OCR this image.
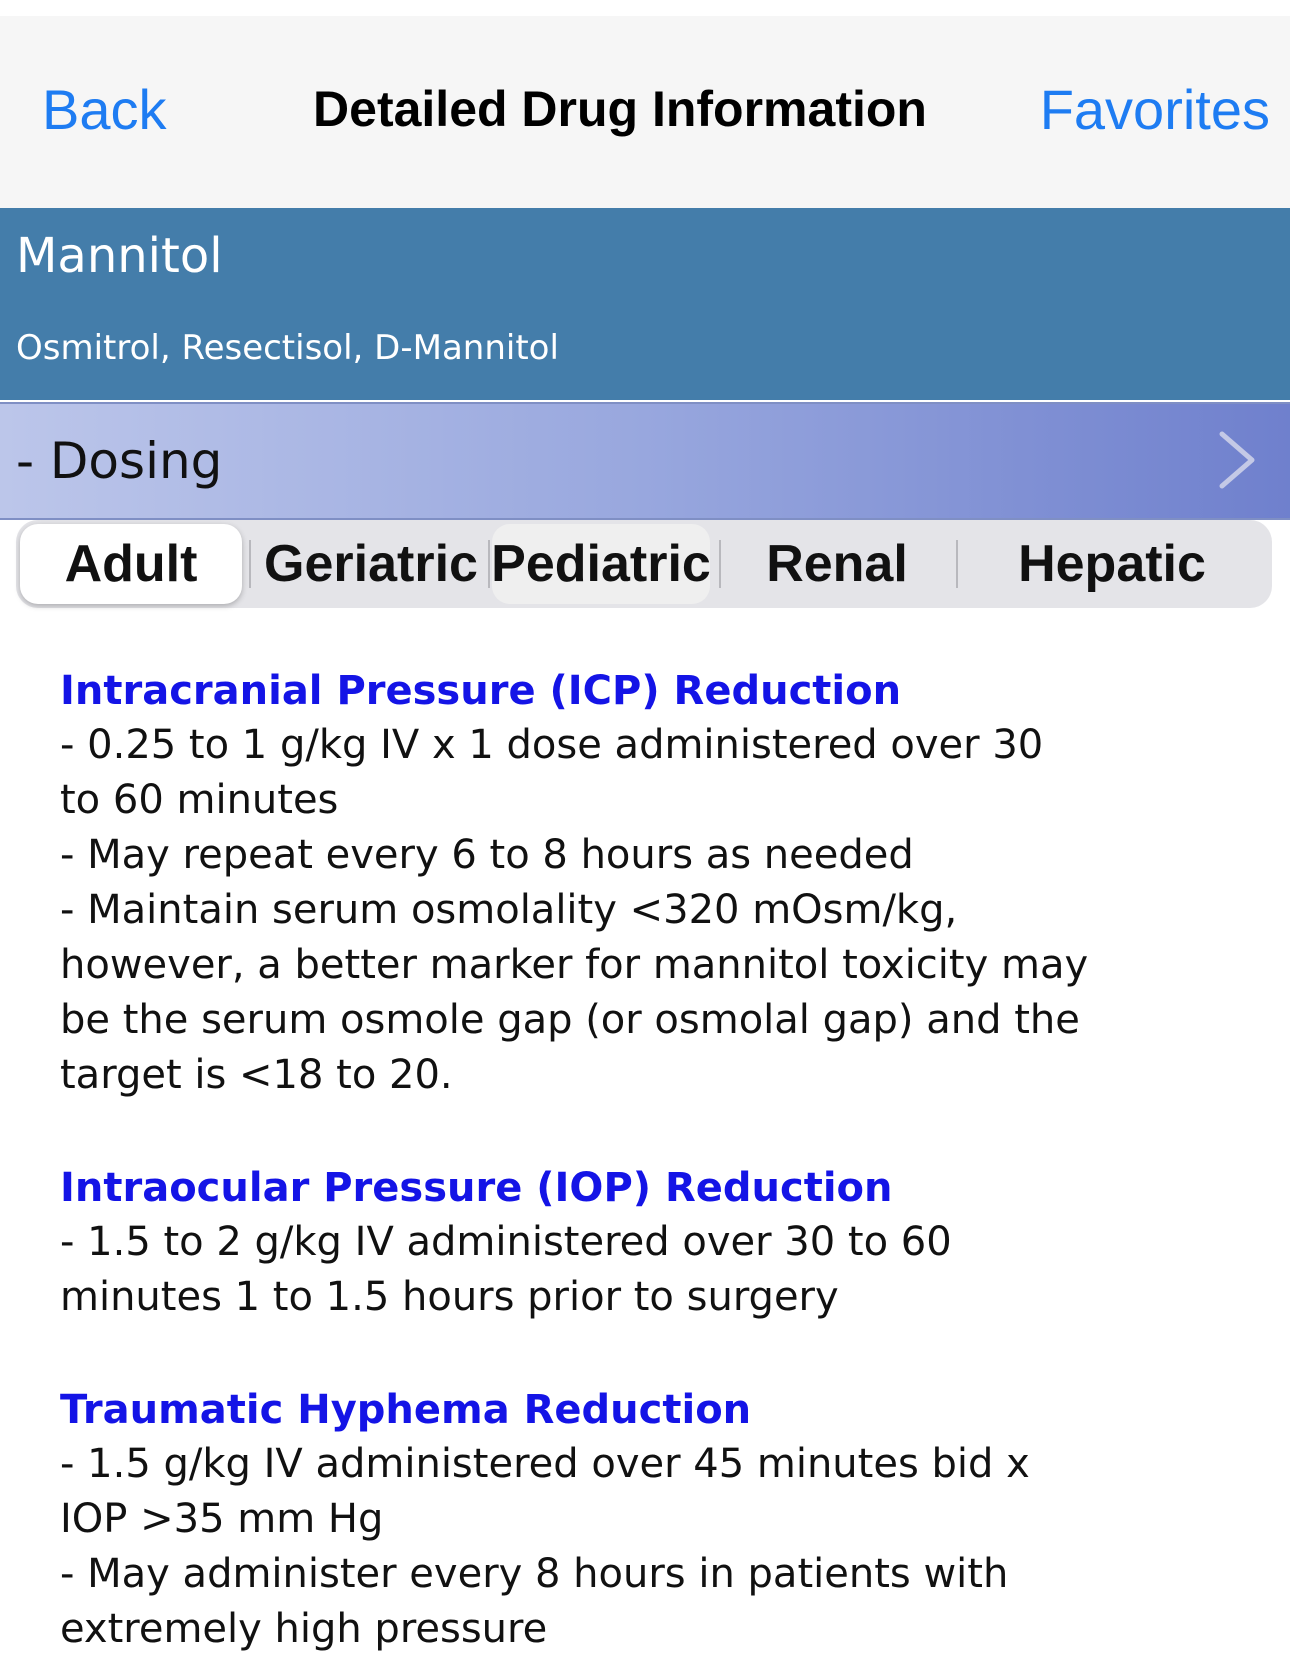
Back	Detailed Drug Information	Favorites
Mannitol
Osmitrol, Resectisol, D-Mannitol
- Dosing
Adult Geriatric Pediatric Renal Hepatic

Intracranial Pressure (ICP) Reduction

- 0.25 to 1 g/kg IV x 1 dose administered over 30

to 60 minutes

- May repeat every 6 to 8 hours as needed

- Maintain serum osmolality <320 mOsm/kg,

however, a better marker for mannitol toxicity may

be the serum osmole gap (or osmolal gap) and the

target is <18 to 20.

Intraocular Pressure (IOP) Reduction

- 1.5 to 2 g/kg IV administered over 30 to 60

minutes 1 to 1.5 hours prior to surgery

Traumatic Hyphema Reduction

- 1.5 g/kg IV administered over 45 minutes bid x

IOP >35 mm Hg

- May administer every 8 hours in patients with

extremely high pressure
